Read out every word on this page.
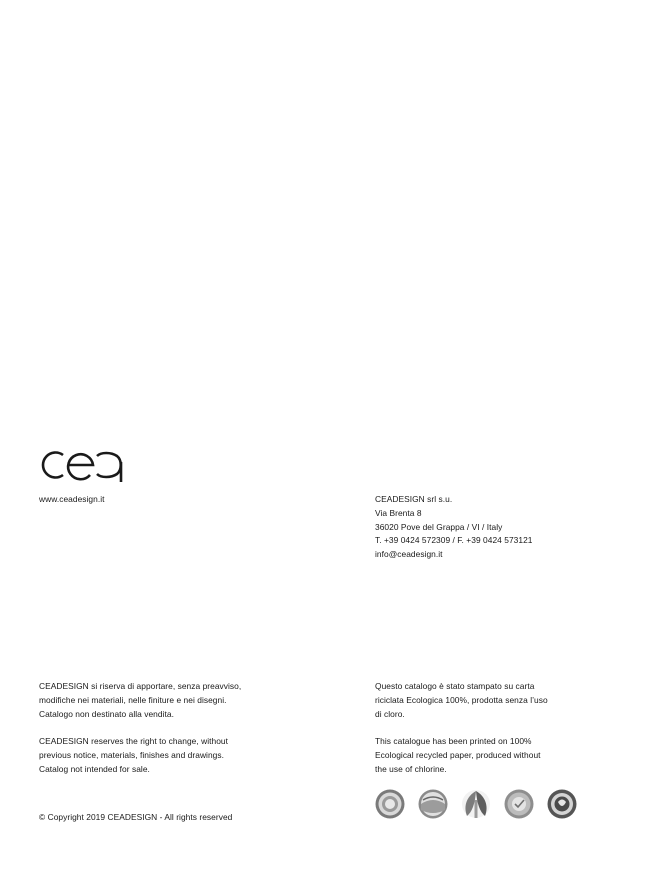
www.ceadesign.it	CEADESIGN srl s.u.
Via Brenta 8
36020 Pove del Grappa / VI / Italy
T. +39 0424 572309 / F. +39 0424 573121
info@ceadesign.it
CEADESIGN si riserva di apportare, senza preavviso,
modifiche nei materiali, nelle finiture e nei disegni.
Catalogo non destinato alla vendita.
CEADESIGN reserves the right to change, without
previous notice, materials, finishes and drawings.
Catalog not intended for sale.
Questo catalogo è stato stampato su carta
riciclata Ecologica 100%, prodotta senza l’uso
di cloro.
This catalogue has been printed on 100%
Ecological recycled paper, produced without
the use of chlorine.
© Copyright 2019 CEADESIGN - All rights reserved
